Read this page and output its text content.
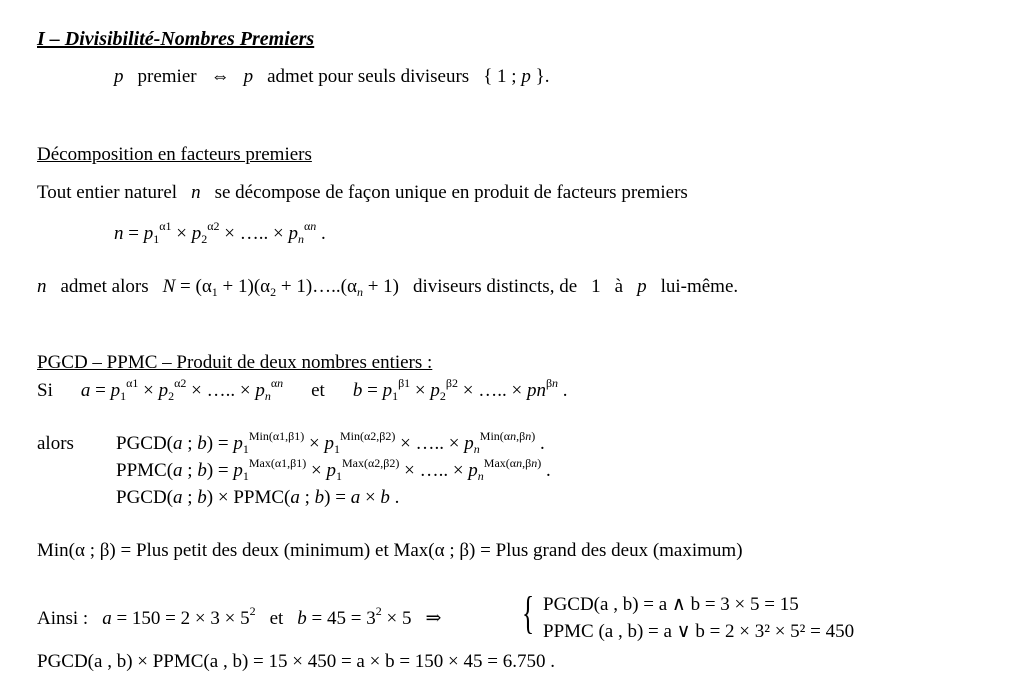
I – Divisibilité-Nombres Premiers
p premier ⇔ p admet pour seuls diviseurs { 1 ; p }.
Décomposition en facteurs premiers
Tout entier naturel n se décompose de façon unique en produit de facteurs premiers
$n = p_1^{\alpha 1} \times p_2^{\alpha 2}$ × ….. × $p_n^{\alpha n}$ .
n admet alors $N = (\alpha_1 + 1)(\alpha_2$ + $1)\dots..(\alpha_n + 1)$ diviseurs distincts, de 1 à p lui-même.
PGCD – PPMC – Produit de deux nombres entiers :
Si $a = p_1^{\alpha 1} \times p_2^{\alpha 2}$ × ….. × $p_n^{\alpha n}$ et $b = p_1^{\beta 1} \times p_2^{\beta 2}$ × ….. × $pn^{\beta n}$ .
alors PGCD(a ; $b) = p_1^{Min(\alpha 1,\beta 1)} \times p_1^{Min(\alpha 2,\beta 2)}$ × ….. × $p_n^{Min(\alpha n,\beta n)}$ .
PPMC(a ; $b) = p_1^{Max(\alpha 1,\beta 1)} \times p_1^{Max(\alpha 2,\beta 2)}$ × ….. × $p_n^{Max(\alpha n,\beta n)}$ .
PGCD(a ; b) × PPMC(a ; b) = a × b .
Min(α ; β) = Plus petit des deux (minimum) et Max(α ; β) = Plus grand des deux (maximum)
Ainsi : $a = 150 = 2 \times 3 \times 5^2$ et $b = 45 = 3^2 \times 5$ ⇒ { PGCD(a , b) = a ∧ b = 3 × 5 = 15
PPMC (a , b) = a ∨ b = 2 × 3² × 5² = 450
PGCD(a , b) × PPMC(a , b) = 15 × 450 = a × b = 150 × 45 = 6.750 .
